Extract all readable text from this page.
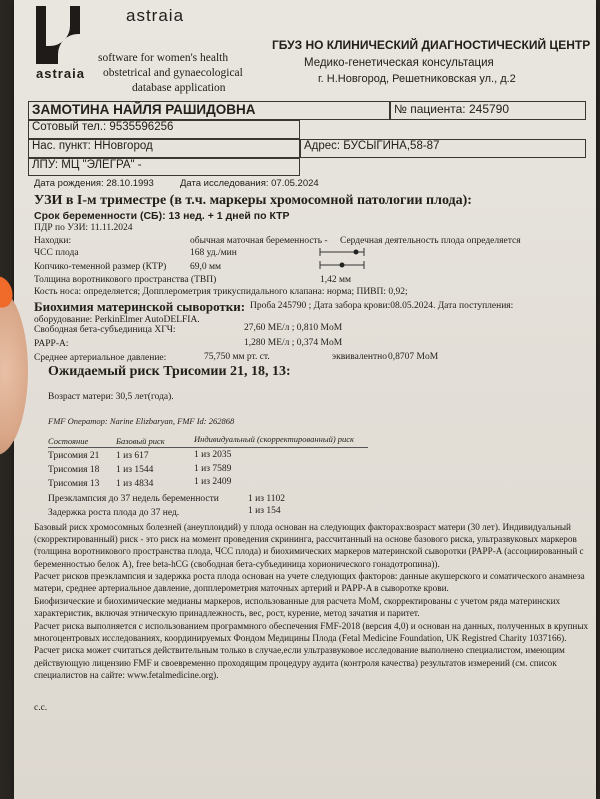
astraia
astraia
software for women's health
obstetrical and gynaecological
database application
ГБУЗ НО КЛИНИЧЕСКИЙ ДИАГНОСТИЧЕСКИЙ ЦЕНТР
Медико-генетическая консультация
г. Н.Новгород, Решетниковская ул., д.2
ЗАМОТИНА НАЙЛЯ РАШИДОВНА	№ пациента: 245790
Сотовый тел.: 9535596256
Нас. пункт: ННовгород	Адрес: БУСЫГИНА,58-87
ЛПУ: МЦ "ЭЛЕГРА" -
Дата рождения: 28.10.1993	Дата исследования: 07.05.2024
УЗИ в I-м триместре (в т.ч. маркеры хромосомной патологии плода):
Срок беременности (СБ): 13 нед. + 1 дней по КТР
ПДР по УЗИ: 11.11.2024
Находки:	обычная маточная беременность - Сердечная деятельность плода определяется
ЧСС плода	168 уд./мин
Копчико-теменной размер (КТР) 69,0 мм
Толщина воротникового пространства (ТВП)	1,42 мм
Кость носа: определяется; Допплерометрия трикуспидального клапана: норма; ПИВП: 0,92;
Биохимия материнской сыворотки: Проба 245790 ; Дата забора крови:08.05.2024. Дата поступления:
оборудование: PerkinElmer AutoDELFIA.
Свободная бета-субъединица ХГЧ:	27,60 МЕ/л ; 0,810 MoM
PAPP-A:	1,280 МЕ/л ; 0,374 MoM
Среднее артериальное давление:	75,750 мм рт. ст.	эквивалентно 0,8707 MoM
Ожидаемый риск Трисомии 21, 18, 13:
Возраст матери: 30,5 лет(года).
FMF Оператор: Narine Elizbaryan, FMF Id: 262868
Состояние	Базовый риск	Индивидуальный (скорректированный) риск
Трисомия 21 1 из 617	1 из 2035
Трисомия 18 1 из 1544	1 из 7589
Трисомия 13 1 из 4834	1 из 2409
Преэклампсия до 37 недель беременности	1 из 1102
Задержка роста плода до 37 нед.	1 из 154
Базовый риск хромосомных болезней (анеуплоидий) у плода основан на следующих факторах:возраст матери (30 лет). Индивидуальный (скорректированный) риск - это риск на момент проведения скрининга, рассчитанный на основе базового риска, ультразвуковых маркеров (толщина воротникового пространства плода, ЧСС плода) и биохимических маркеров материнской сыворотки (PAPP-A (ассоциированный с беременностью белок А), free beta-hCG (свободная бета-субъединица хорионического гонадотропина)).
Расчет рисков преэклампсия и задержка роста плода основан на учете следующих факторов: данные акушерского и соматического анамнеза матери, среднее артериальное давление, допплерометрия маточных артерий и PAPP-A в сыворотке крови.
Биофизические и биохимические медианы маркеров, использованные для расчета MoM, скорректированы с учетом ряда материнских характеристик, включая этническую принадлежность, вес, рост, курение, метод зачатия и паритет.
Расчет риска выполняется с использованием программного обеспечения FMF-2018 (версия 4,0) и основан на данных, полученных в крупных многоцентровых исследованиях, координируемых Фондом Медицины Плода (Fetal Medicine Foundation, UK Registred Charity 1037166). Расчет риска может считаться действительным только в случае,если ультразвуковое исследование выполнено специалистом, имеющим действующую лицензию FMF и своевременно проходящим процедуру аудита (контроля качества) результатов измерений (см. список специалистов на сайте: www.fetalmedicine.org).
с.с.
